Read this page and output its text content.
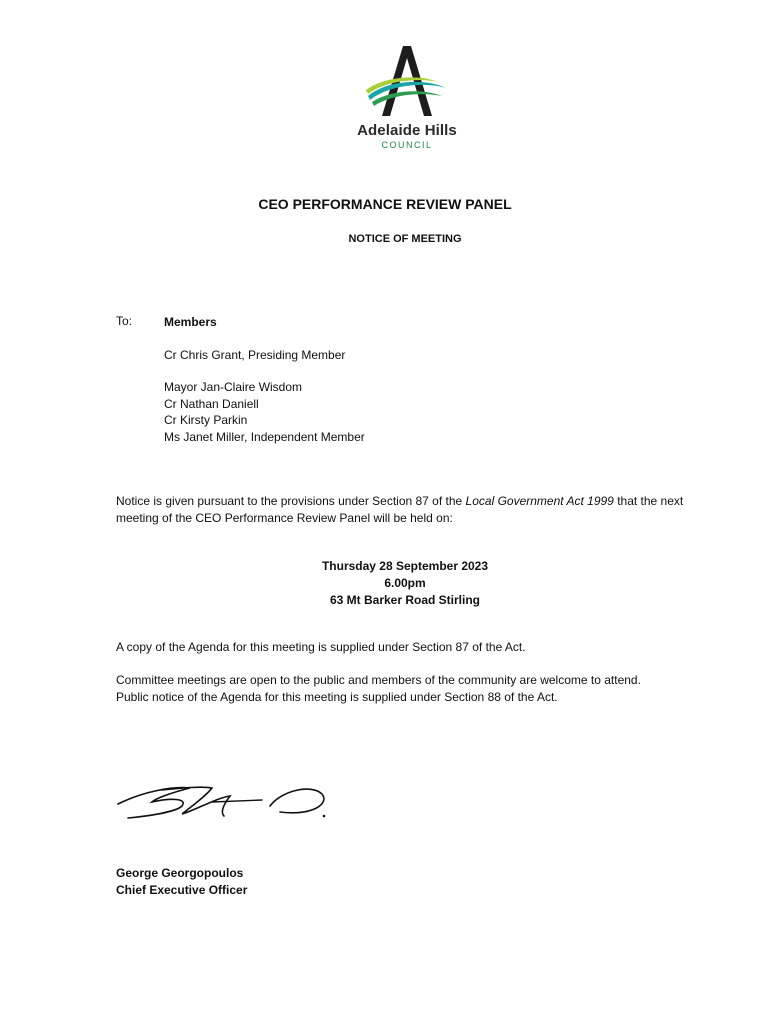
Adelaide Hills
COUNCIL
CEO PERFORMANCE REVIEW PANEL
NOTICE OF MEETING
To:	Members
Cr Chris Grant, Presiding Member
Mayor Jan-Claire Wisdom
Cr Nathan Daniell
Cr Kirsty Parkin
Ms Janet Miller, Independent Member
Notice is given pursuant to the provisions under Section 87 of the Local Government Act 1999 that the next meeting of the CEO Performance Review Panel will be held on:
Thursday 28 September 2023
6.00pm
63 Mt Barker Road Stirling
A copy of the Agenda for this meeting is supplied under Section 87 of the Act.
Committee meetings are open to the public and members of the community are welcome to attend.
Public notice of the Agenda for this meeting is supplied under Section 88 of the Act.
George Georgopoulos
Chief Executive Officer
